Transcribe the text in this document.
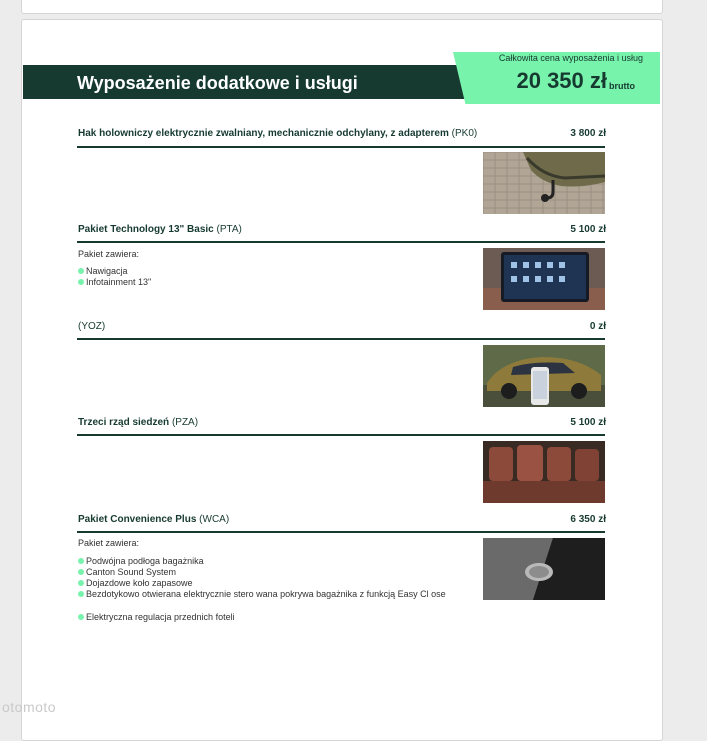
Wyposażenie dodatkowe i usługi
Całkowita cena wyposażenia i usług
20 350 zł brutto
Hak holowniczy elektrycznie zwalniany, mechanicznie odchylany, z adapterem (PK0)	3 800 zł
Pakiet Technology 13" Basic (PTA)	5 100 zł
Pakiet zawiera:
Nawigacja
Infotainment 13"
(YOZ)	0 zł
Trzeci rząd siedzeń (PZA)	5 100 zł
Pakiet Convenience Plus (WCA)	6 350 zł
Pakiet zawiera:
Podwójna podłoga bagażnika
Canton Sound System
Dojazdowe koło zapasowe
Bezdotykowo otwierana elektrycznie stero wana pokrywa bagażnika z funkcją Easy Cl ose
Elektryczna regulacja przednich foteli
otomoto
